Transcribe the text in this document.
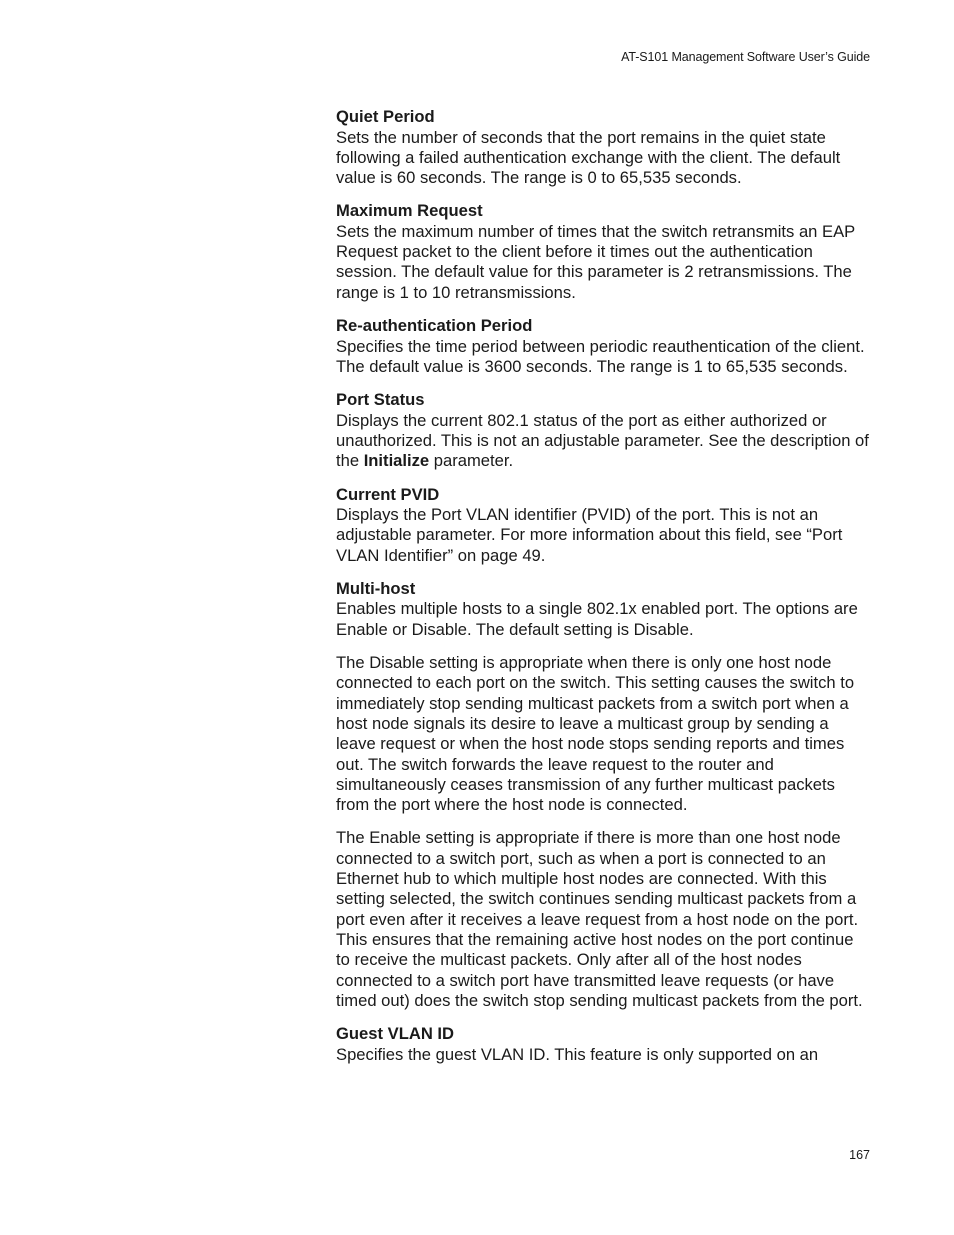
AT-S101 Management Software User’s Guide
Quiet Period

Sets the number of seconds that the port remains in the quiet state following a failed authentication exchange with the client. The default value is 60 seconds. The range is 0 to 65,535 seconds.

Maximum Request

Sets the maximum number of times that the switch retransmits an EAP Request packet to the client before it times out the authentication session. The default value for this parameter is 2 retransmissions. The range is 1 to 10 retransmissions.

Re-authentication Period

Specifies the time period between periodic reauthentication of the client. The default value is 3600 seconds. The range is 1 to 65,535 seconds.

Port Status

Displays the current 802.1 status of the port as either authorized or unauthorized. This is not an adjustable parameter. See the description of the Initialize parameter.

Current PVID

Displays the Port VLAN identifier (PVID) of the port. This is not an adjustable parameter. For more information about this field, see “Port VLAN Identifier” on page 49.

Multi-host

Enables multiple hosts to a single 802.1x enabled port. The options are Enable or Disable. The default setting is Disable.

The Disable setting is appropriate when there is only one host node connected to each port on the switch. This setting causes the switch to immediately stop sending multicast packets from a switch port when a host node signals its desire to leave a multicast group by sending a leave request or when the host node stops sending reports and times out. The switch forwards the leave request to the router and simultaneously ceases transmission of any further multicast packets from the port where the host node is connected.

The Enable setting is appropriate if there is more than one host node connected to a switch port, such as when a port is connected to an Ethernet hub to which multiple host nodes are connected. With this setting selected, the switch continues sending multicast packets from a port even after it receives a leave request from a host node on the port. This ensures that the remaining active host nodes on the port continue to receive the multicast packets. Only after all of the host nodes connected to a switch port have transmitted leave requests (or have timed out) does the switch stop sending multicast packets from the port.

Guest VLAN ID

Specifies the guest VLAN ID. This feature is only supported on an

167
